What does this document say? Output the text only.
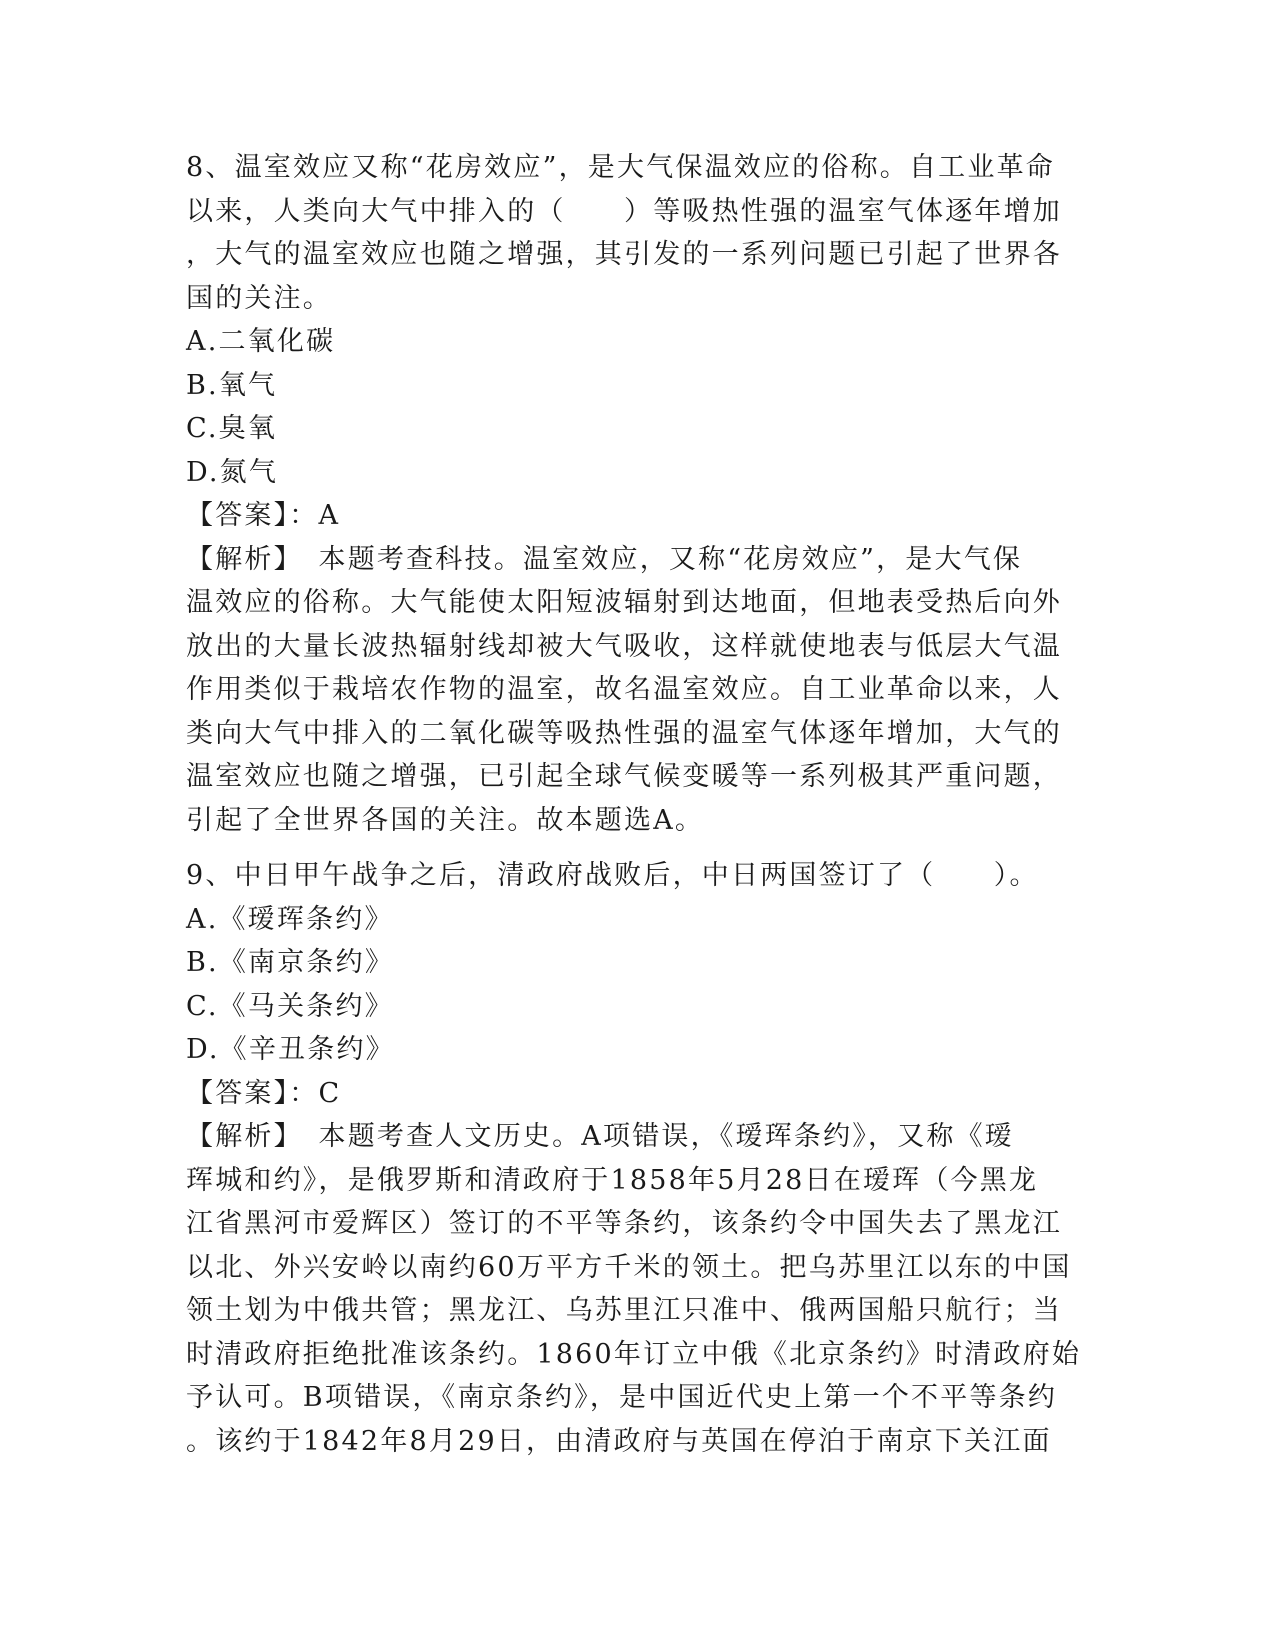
8、温室效应又称“花房效应”，是大气保温效应的俗称。自工业革命
以来，人类向大气中排入的（　　）等吸热性强的温室气体逐年增加
，大气的温室效应也随之增强，其引发的一系列问题已引起了世界各
国的关注。
A.二氧化碳
B.氧气
C.臭氧
D.氮气
【答案】：A
【解析】　本题考查科技。温室效应，又称“花房效应”，是大气保
温效应的俗称。大气能使太阳短波辐射到达地面，但地表受热后向外
放出的大量长波热辐射线却被大气吸收，这样就使地表与低层大气温
作用类似于栽培农作物的温室，故名温室效应。自工业革命以来，人
类向大气中排入的二氧化碳等吸热性强的温室气体逐年增加，大气的
温室效应也随之增强，已引起全球气候变暖等一系列极其严重问题，
引起了全世界各国的关注。故本题选A。
9、中日甲午战争之后，清政府战败后，中日两国签订了（　　）。
A.《瑷珲条约》
B.《南京条约》
C.《马关条约》
D.《辛丑条约》
【答案】：C
【解析】　本题考查人文历史。A项错误，《瑷珲条约》，又称《瑷
珲城和约》，是俄罗斯和清政府于1858年5月28日在瑷珲（今黑龙
江省黑河市爱辉区）签订的不平等条约，该条约令中国失去了黑龙江
以北、外兴安岭以南约60万平方千米的领土。把乌苏里江以东的中国
领土划为中俄共管；黑龙江、乌苏里江只准中、俄两国船只航行；当
时清政府拒绝批准该条约。1860年订立中俄《北京条约》时清政府始
予认可。B项错误，《南京条约》，是中国近代史上第一个不平等条约
。该约于1842年8月29日，由清政府与英国在停泊于南京下关江面
